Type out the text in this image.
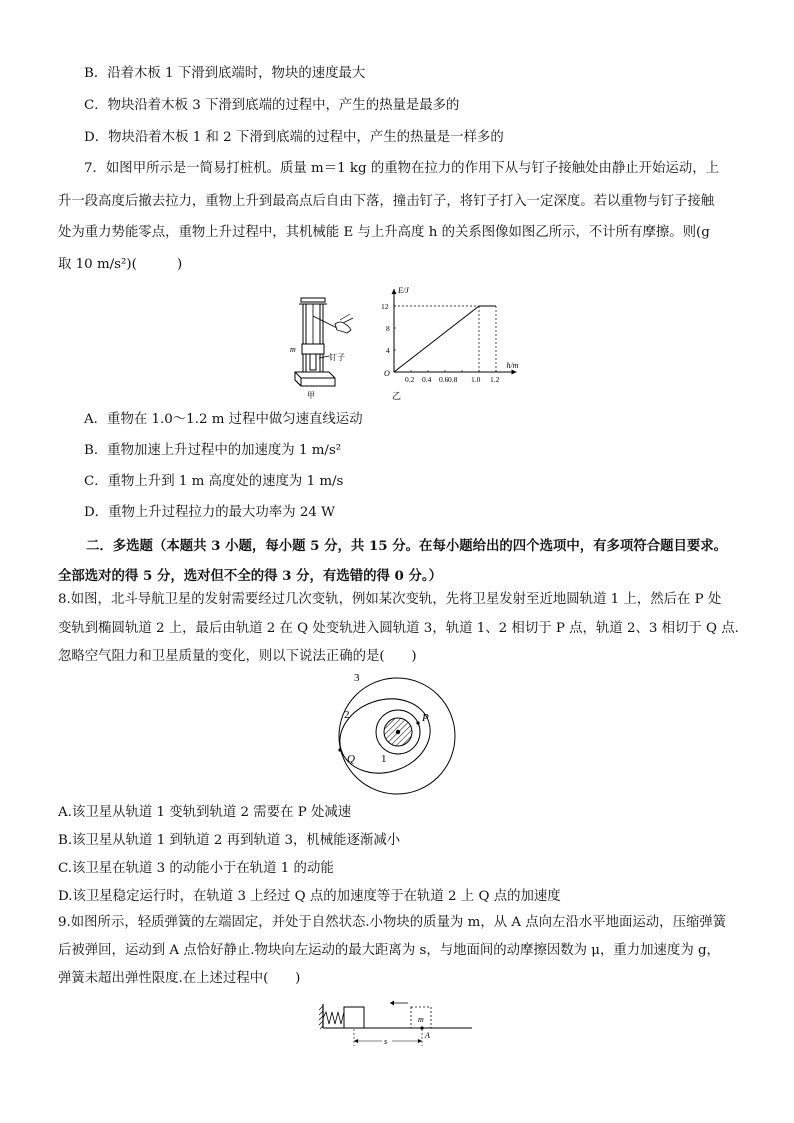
B．沿着木板 1 下滑到底端时，物块的速度最大
C．物块沿着木板 3 下滑到底端的过程中，产生的热量是最多的
D．物块沿着木板 1 和 2 下滑到底端的过程中，产生的热量是一样多的
7．如图甲所示是一简易打桩机。质量 m＝1 kg 的重物在拉力的作用下从与钉子接触处由静止开始运动，上
升一段高度后撤去拉力，重物上升到最高点后自由下落，撞击钉子，将钉子打入一定深度。若以重物与钉子接触
处为重力势能零点，重物上升过程中，其机械能 E 与上升高度 h 的关系图像如图乙所示，不计所有摩擦。则(g
取 10 m/s²)(　　　)
m
钉子
甲
E/J
h/m
O
0.2 0.4 0.6 0.8 1.0 1.2
4
8
12
乙
A．重物在 1.0～1.2 m 过程中做匀速直线运动
B．重物加速上升过程中的加速度为 1 m/s²
C．重物上升到 1 m 高度处的速度为 1 m/s
D．重物上升过程拉力的最大功率为 24 W
二．多选题（本题共 3 小题，每小题 5 分，共 15 分。在每小题给出的四个选项中，有多项符合题目要求。
全部选对的得 5 分，选对但不全的得 3 分，有选错的得 0 分。）
8.如图，北斗导航卫星的发射需要经过几次变轨，例如某次变轨，先将卫星发射至近地圆轨道 1 上，然后在 P 处
变轨到椭圆轨道 2 上，最后由轨道 2 在 Q 处变轨进入圆轨道 3，轨道 1、2 相切于 P 点，轨道 2、3 相切于 Q 点.
忽略空气阻力和卫星质量的变化，则以下说法正确的是(　　)
3
2
1
P
Q
A.该卫星从轨道 1 变轨到轨道 2 需要在 P 处减速
B.该卫星从轨道 1 到轨道 2 再到轨道 3，机械能逐渐减小
C.该卫星在轨道 3 的动能小于在轨道 1 的动能
D.该卫星稳定运行时，在轨道 3 上经过 Q 点的加速度等于在轨道 2 上 Q 点的加速度
9.如图所示，轻质弹簧的左端固定，并处于自然状态.小物块的质量为 m，从 A 点向左沿水平地面运动，压缩弹簧
后被弹回，运动到 A 点恰好静止.物块向左运动的最大距离为 s，与地面间的动摩擦因数为 μ，重力加速度为 g，
弹簧未超出弹性限度.在上述过程中(　　)
m
A
s
